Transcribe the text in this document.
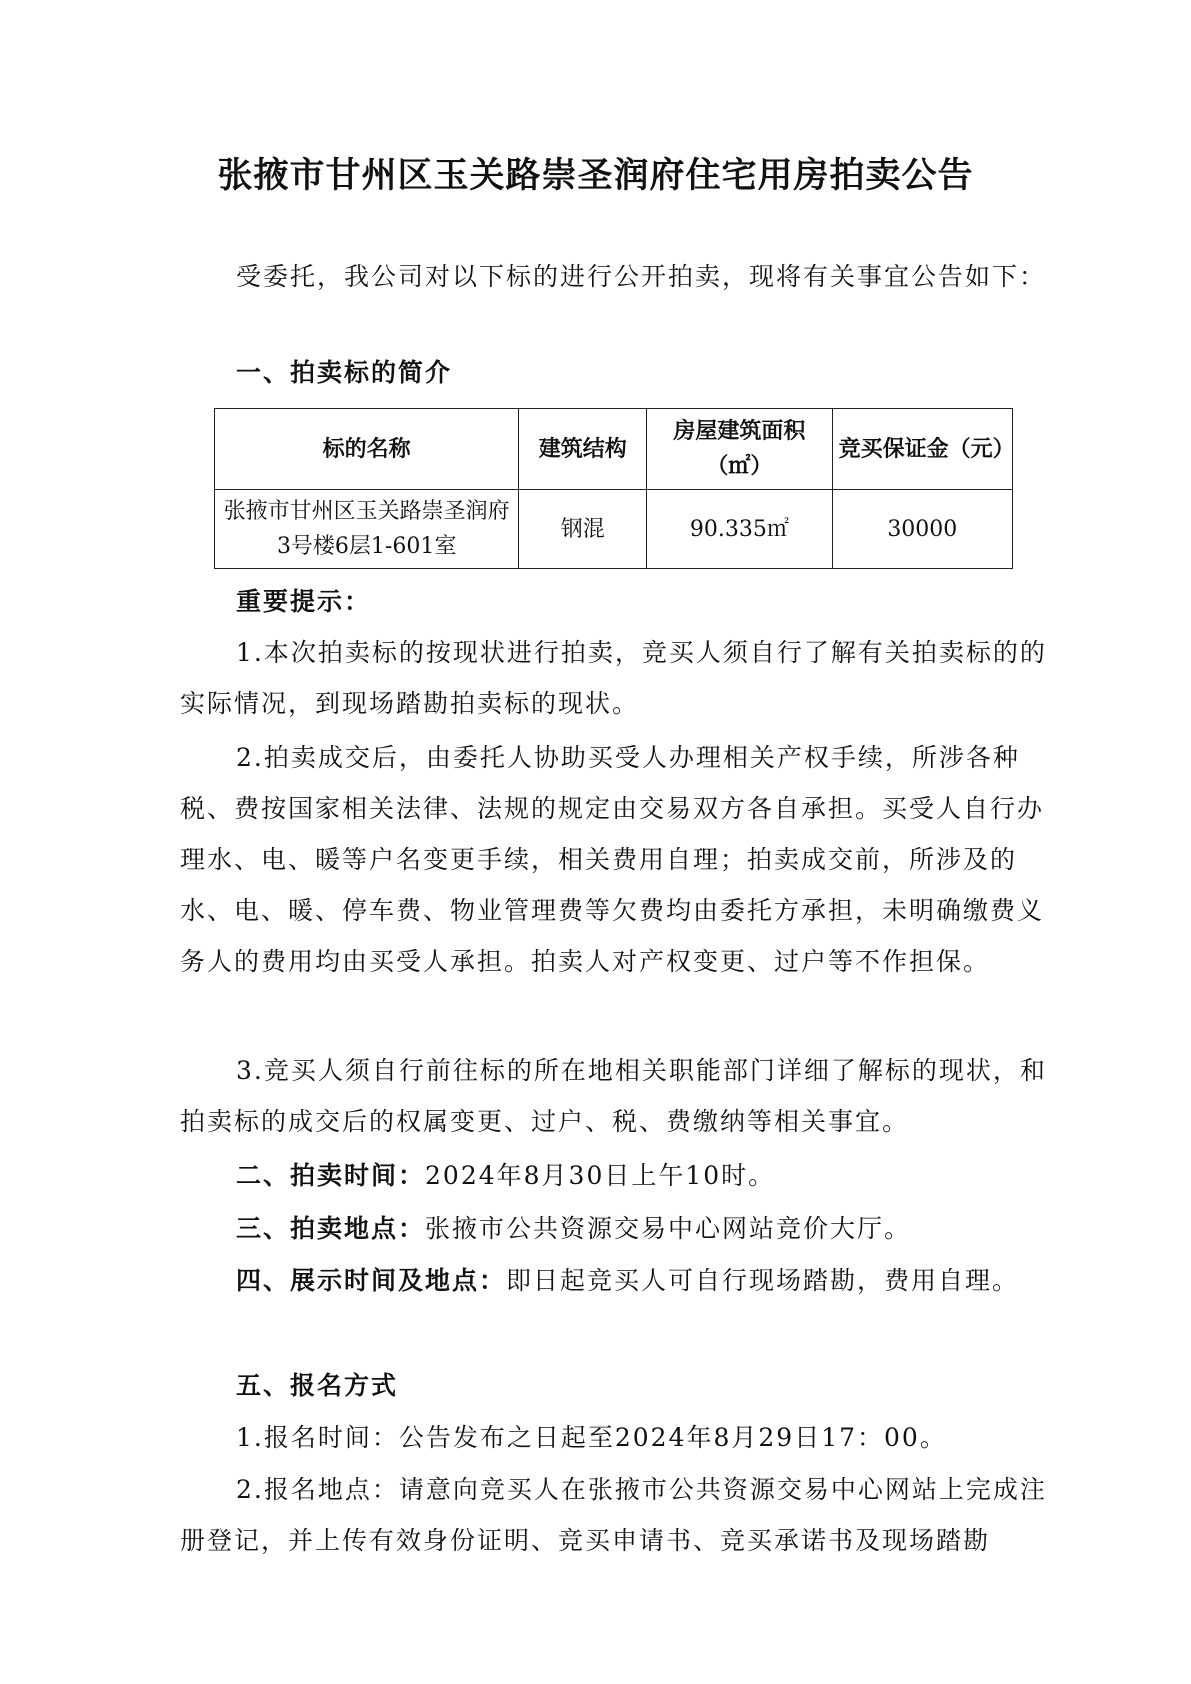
张掖市甘州区玉关路崇圣润府住宅用房拍卖公告

受委托，我公司对以下标的进行公开拍卖，现将有关事宜公告如下：

一、拍卖标的简介

标的名称	建筑结构	房屋建筑面积（㎡）	竞买保证金（元）
张掖市甘州区玉关路崇圣润府3号楼6层1-601室	钢混	90.335㎡	30000

重要提示：

1.本次拍卖标的按现状进行拍卖，竞买人须自行了解有关拍卖标的的实际情况，到现场踏勘拍卖标的现状。

2.拍卖成交后，由委托人协助买受人办理相关产权手续，所涉各种税、费按国家相关法律、法规的规定由交易双方各自承担。买受人自行办理水、电、暖等户名变更手续，相关费用自理；拍卖成交前，所涉及的水、电、暖、停车费、物业管理费等欠费均由委托方承担，未明确缴费义务人的费用均由买受人承担。拍卖人对产权变更、过户等不作担保。

3.竞买人须自行前往标的所在地相关职能部门详细了解标的现状，和拍卖标的成交后的权属变更、过户、税、费缴纳等相关事宜。

二、拍卖时间：2024年8月30日上午10时。

三、拍卖地点：张掖市公共资源交易中心网站竞价大厅。

四、展示时间及地点：即日起竞买人可自行现场踏勘，费用自理。

五、报名方式

1.报名时间：公告发布之日起至2024年8月29日17：00。

2.报名地点：请意向竞买人在张掖市公共资源交易中心网站上完成注册登记，并上传有效身份证明、竞买申请书、竞买承诺书及现场踏勘
